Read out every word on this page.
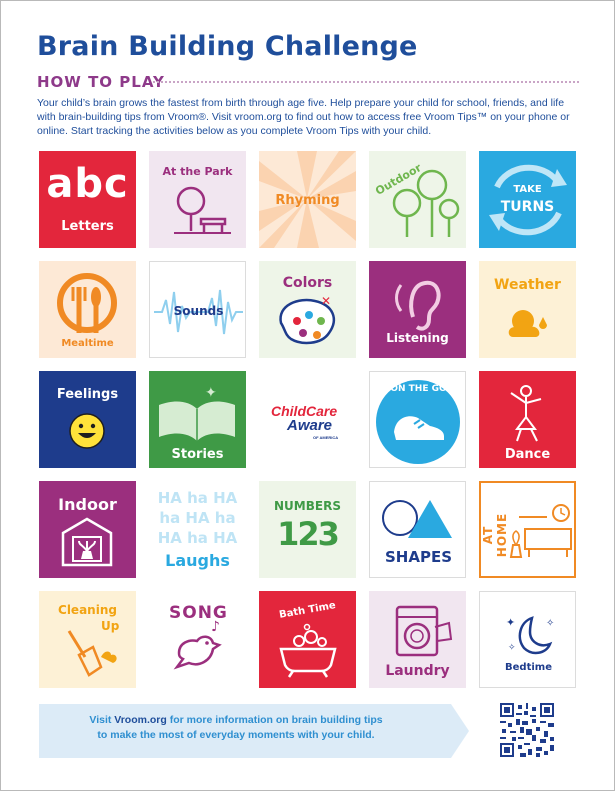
Brain Building Challenge
HOW TO PLAY
Your child’s brain grows the fastest from birth through age five. Help prepare your child for school, friends, and life with brain-building tips from Vroom®. Visit vroom.org to find out how to access free Vroom Tips™ on your phone or online. Start tracking the activities below as you complete Vroom Tips with your child.
abc
Letters
At the Park
Rhyming
Outdoor	TAKE
TURNS
Mealtime
Sounds
Colors
✕
Listening
Weather
Feelings	✦
Stories
ChildCare
Aware
OF AMERICA
ON THE GO
Dance
Indoor	HA ha HA
ha HA ha
HA ha HA
Laughs
NUMBERS
123
SHAPES
AT HOME
Cleaning
Up
SONG
♪
Bath Time
Laundry
✦	✧
✧
Bedtime
Visit Vroom.org for more information on brain building tips
to make the most of everyday moments with your child.
